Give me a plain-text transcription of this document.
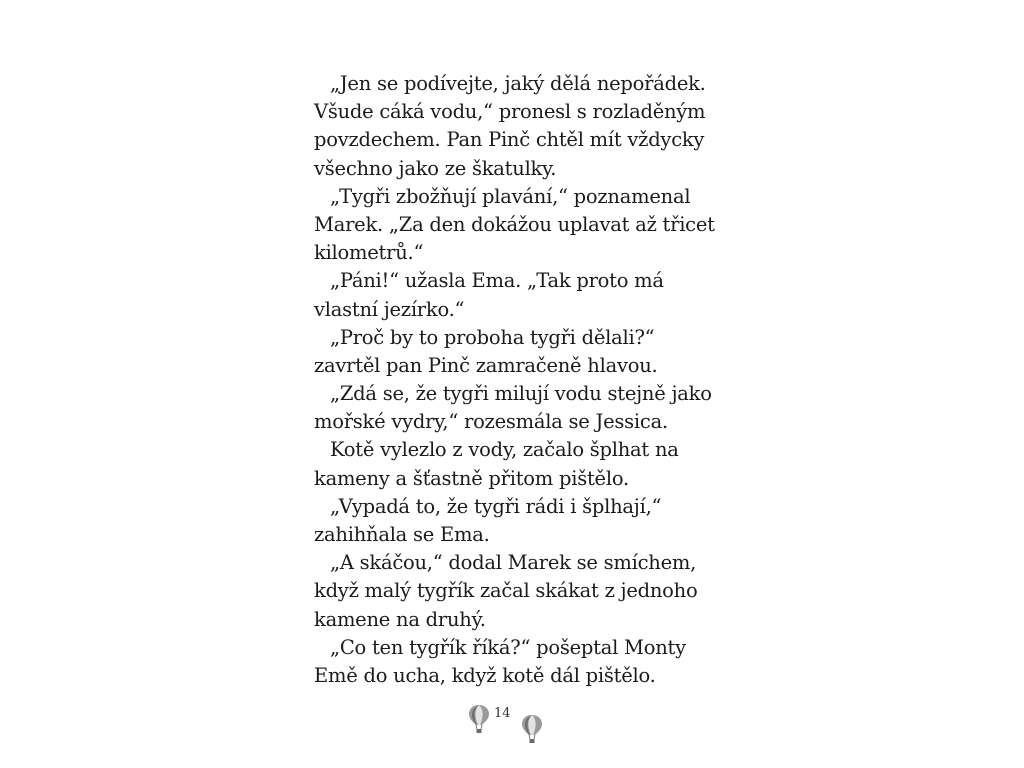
„Jen se podívejte, jaký dělá nepořádek.
Všude cáká vodu,“ pronesl s rozladěným
povzdechem. Pan Pinč chtěl mít vždycky
všechno jako ze škatulky.
„Tygři zbožňují plavání,“ poznamenal
Marek. „Za den dokážou uplavat až třicet
kilometrů.“
„Páni!“ užasla Ema. „Tak proto má
vlastní jezírko.“
„Proč by to proboha tygři dělali?“
zavrtěl pan Pinč zamračeně hlavou.
„Zdá se, že tygři milují vodu stejně jako
mořské vydry,“ rozesmála se Jessica.
Kotě vylezlo z vody, začalo šplhat na
kameny a šťastně přitom pištělo.
„Vypadá to, že tygři rádi i šplhají,“
zahihňala se Ema.
„A skáčou,“ dodal Marek se smíchem,
když malý tygřík začal skákat z jednoho
kamene na druhý.
„Co ten tygřík říká?“ pošeptal Monty
Emě do ucha, když kotě dál pištělo.
14
